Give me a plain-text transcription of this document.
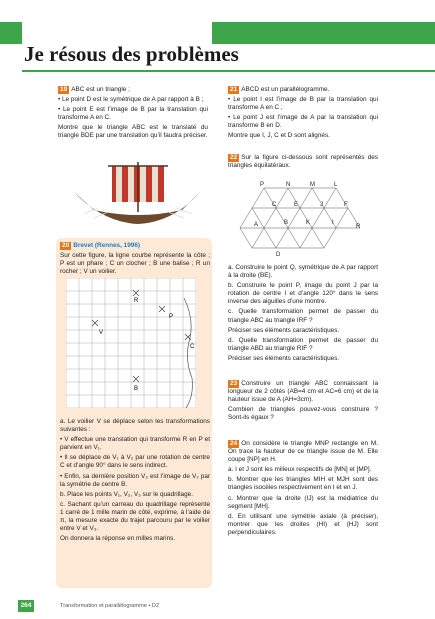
Je résous des problèmes

19 ABC est un triangle ;

• Le point D est le symétrique de A par rapport à B ;

• Le point E est l’image de B par la translation qui transforme A en C.

Montre que le triangle ABC est le translaté du triangle BDE par une translation qu’il faudra préciser.

20 Brevet (Rennes, 1996)

Sur cette figure, la ligne courbe représente la côte ; P est un phare ; C un clocher ; B une balise ; R un rocher ; V un voilier.

R
P
V
C
B

a. Le voilier V se déplace selon les transformations suivantes :

• V effectue une translation qui transforme R en P et parvient en V₁.

• Il se déplace de V₁ à V₂ par une rotation de centre C et d’angle 90° dans le sens indirect.

• Enfin, sa dernière position V₃ est l’image de V₂ par la symétrie de centre B.

b. Place les points V₁, V₂, V₃ sur le quadrillage.

c. Sachant qu’un carreau du quadrillage représente 1 carré de 1 mille marin de côté, exprime, à l’aide de π, la mesure exacte du trajet parcouru par le voilier entre V et V₃.

On donnera la réponse en milles marins.

21 ABCD est un parallélogramme.

• Le point I est l’image de B par la translation qui transforme A en C ;

• Le point J est l’image de A par la translation qui transforme B en D.

Montre que I, J, C et D sont alignés.

22 Sur la figure ci-dessous sont représentés des triangles équilatéraux.

P	N	M	L
C	E	J	F
A	B	K	I
R
D

a. Construire le point Q, symétrique de A par rapport à la droite (BE).

b. Construire le point P, image du point J par la rotation de centre I et d’angle 120° dans le sens inverse des aiguilles d’une montre.

c. Quelle transformation permet de passer du triangle ABC au triangle IRF ?

Préciser ses éléments caractéristiques.

d. Quelle transformation permet de passer du triangle ABD au triangle RIF ?

Préciser ses éléments caractéristiques.

23 Construire un triangle ABC connaissant la longueur de 2 côtés (AB=4 cm et AC=6 cm) et de la hauteur issue de A (AH=3cm).

Combien de triangles pouvez-vous construire ? Sont-ils égaux ?

24 On considère le triangle MNP rectangle en M. On trace la hauteur de ce triangle issue de M. Elle coupe [NP] en H.

a. I et J sont les milieux respectifs de [MN] et [MP].

b. Montrer que les triangles MIH et MJH sont des triangles isocèles respectivement en I et en J.

c. Montrer que la droite (IJ) est la médiatrice du segment [MH].

d. En utilisant une symétrie axiale (à préciser), montrer que les droites (HI) et (HJ) sont perpendiculaires.

264	Transformation et parallélogramme • D2
